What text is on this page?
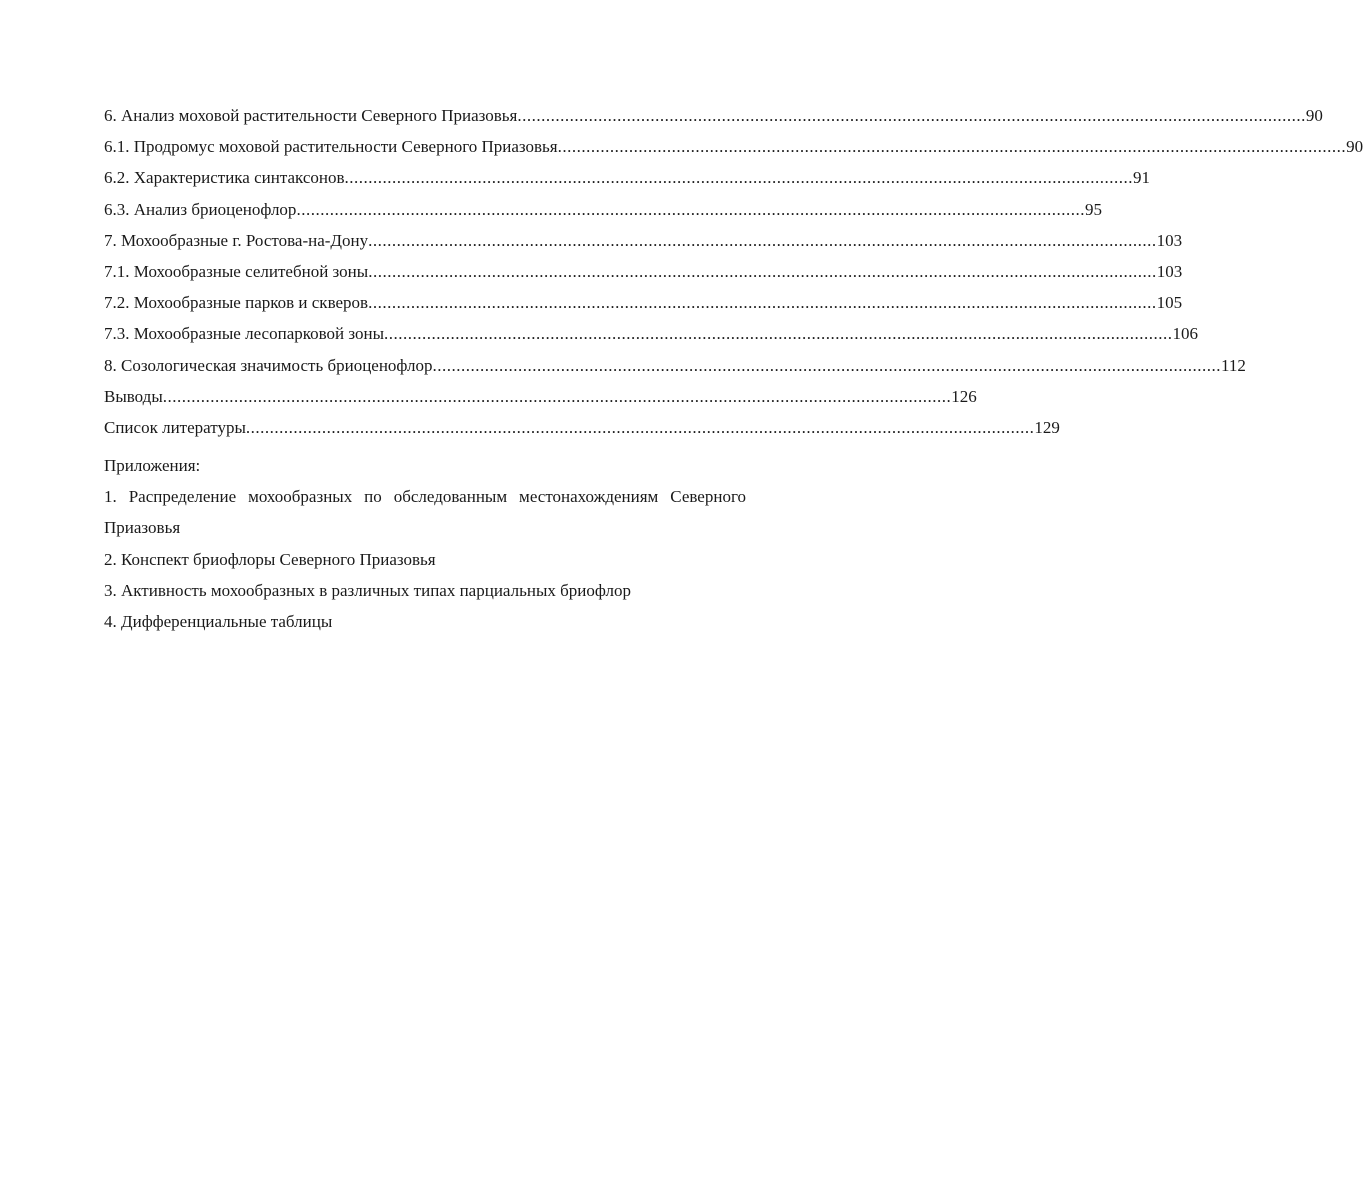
6. Анализ моховой растительности Северного Приазовья ...................................................................................................................................................................... 90
6.1. Продромус моховой растительности Северного Приазовья ...................................................................................................................................................................... 90
6.2. Характеристика синтаксонов ...................................................................................................................................................................... 91
6.3. Анализ бриоценофлор ...................................................................................................................................................................... 95
7. Мохообразные г. Ростова-на-Дону ...................................................................................................................................................................... 103
7.1. Мохообразные селитебной зоны ...................................................................................................................................................................... 103
7.2. Мохообразные парков и скверов ...................................................................................................................................................................... 105
7.3. Мохообразные лесопарковой зоны ...................................................................................................................................................................... 106
8. Созологическая значимость бриоценофлор ...................................................................................................................................................................... 112
Выводы ...................................................................................................................................................................... 126
Список литературы ...................................................................................................................................................................... 129
Приложения:
1. Распределение мохообразных по обследованным местонахождениям Северного
Приазовья
2. Конспект бриофлоры Северного Приазовья
3. Активность мохообразных в различных типах парциальных бриофлор
4. Дифференциальные таблицы
